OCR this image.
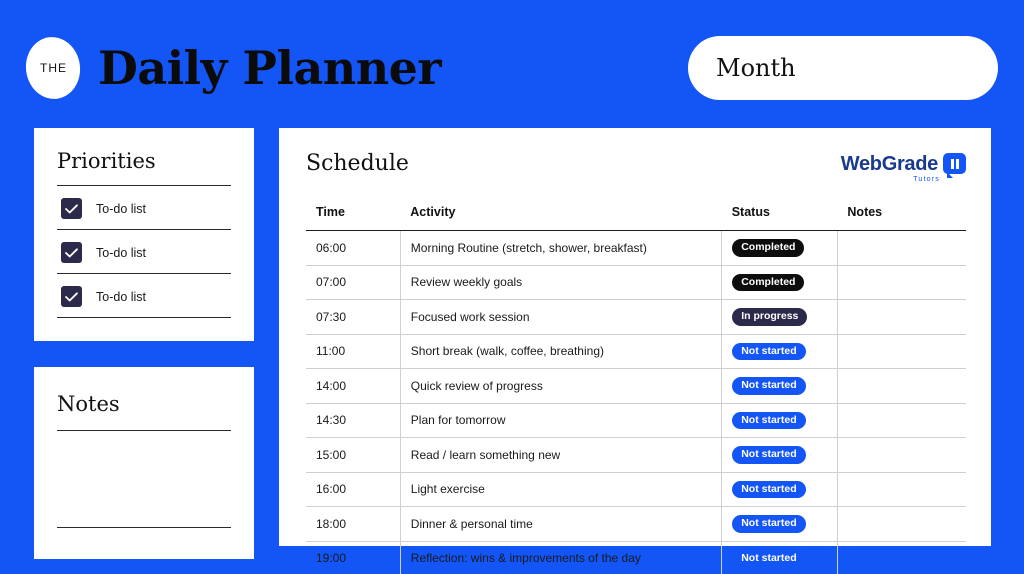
THE Daily Planner	Month
Priorities
To-do list
To-do list
To-do list
Notes
Schedule	WebGrade
Tutors
Time	Activity	Status	Notes
06:00	Morning Routine (stretch, shower, breakfast)	Completed	
07:00	Review weekly goals	Completed	
07:30	Focused work session	In progress	
11:00	Short break (walk, coffee, breathing)	Not started	
14:00	Quick review of progress	Not started	
14:30	Plan for tomorrow	Not started	
15:00	Read / learn something new	Not started	
16:00	Light exercise	Not started	
18:00	Dinner & personal time	Not started	
19:00	Reflection: wins & improvements of the day	Not started	
